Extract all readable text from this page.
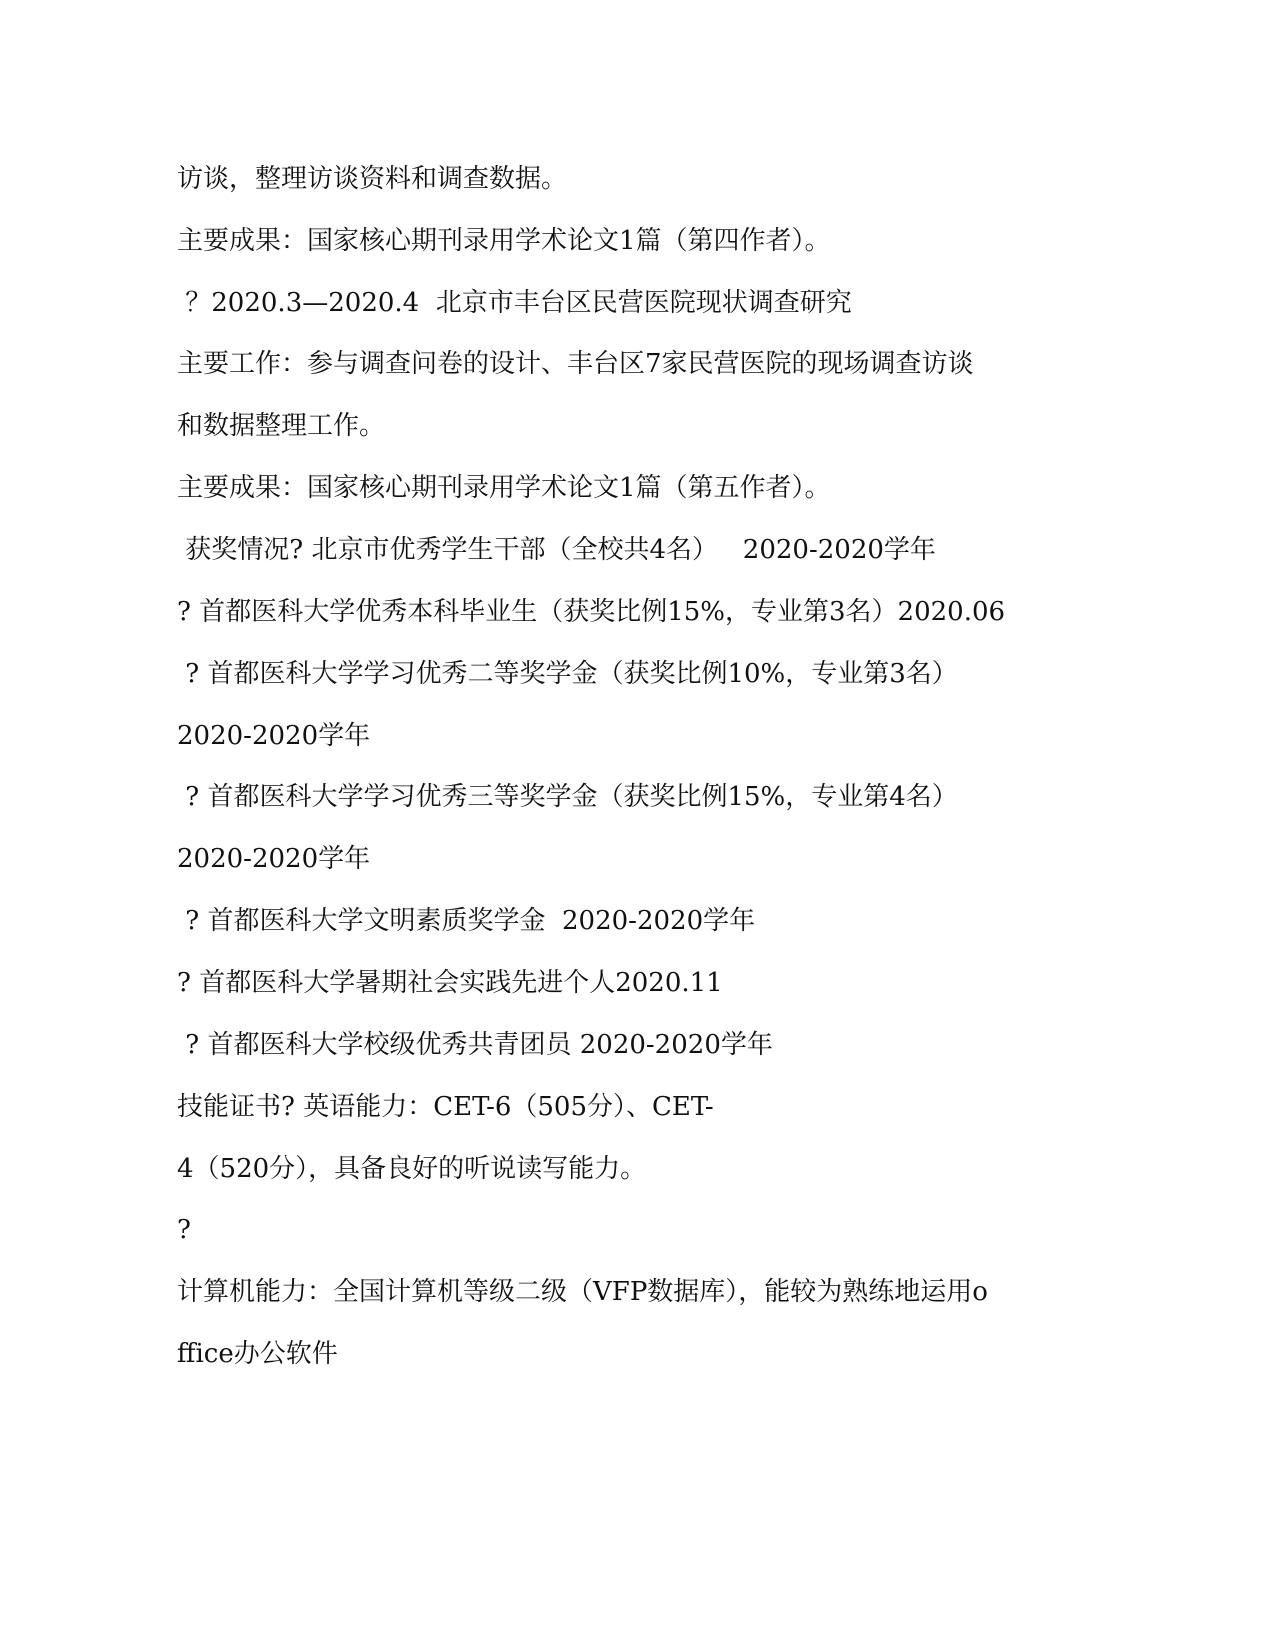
访谈，整理访谈资料和调查数据。
主要成果：国家核心期刊录用学术论文1篇（第四作者）。
？2020.3—2020.4  北京市丰台区民营医院现状调查研究
主要工作：参与调查问卷的设计、丰台区7家民营医院的现场调查访谈
和数据整理工作。
主要成果：国家核心期刊录用学术论文1篇（第五作者）。
获奖情况? 北京市优秀学生干部（全校共4名）   2020-2020学年
? 首都医科大学优秀本科毕业生（获奖比例15%，专业第3名）2020.06
? 首都医科大学学习优秀二等奖学金（获奖比例10%，专业第3名）
2020-2020学年
? 首都医科大学学习优秀三等奖学金（获奖比例15%，专业第4名）
2020-2020学年
? 首都医科大学文明素质奖学金  2020-2020学年
? 首都医科大学暑期社会实践先进个人2020.11
? 首都医科大学校级优秀共青团员 2020-2020学年
技能证书? 英语能力：CET-6（505分）、CET-
4（520分），具备良好的听说读写能力。
?
计算机能力：全国计算机等级二级（VFP数据库），能较为熟练地运用o
ffice办公软件
